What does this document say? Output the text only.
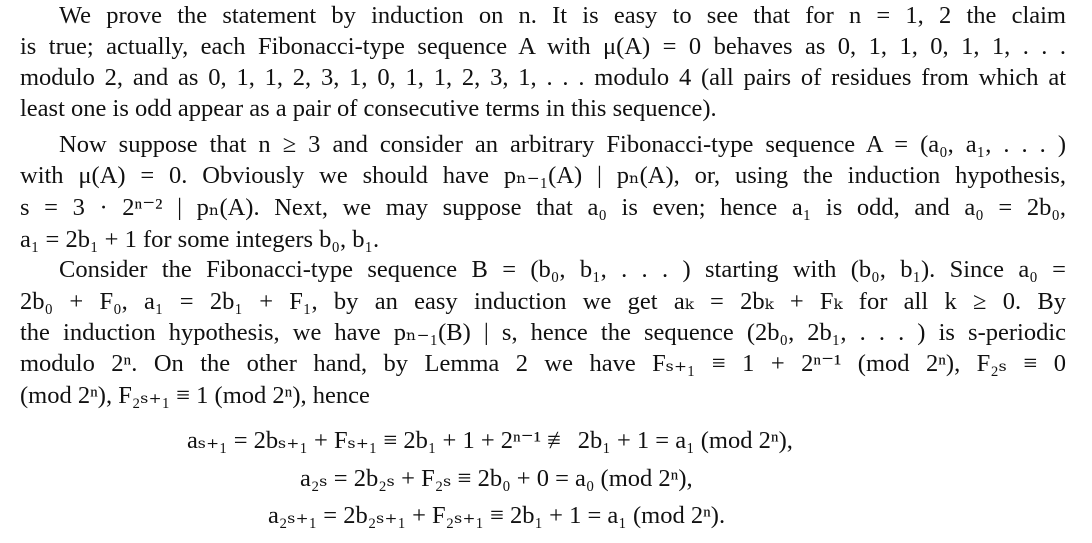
We prove the statement by induction on n. It is easy to see that for n = 1, 2 the claim
is true; actually, each Fibonacci-type sequence A with μ(A) = 0 behaves as 0, 1, 1, 0, 1, 1, . . .
modulo 2, and as 0, 1, 1, 2, 3, 1, 0, 1, 1, 2, 3, 1, . . . modulo 4 (all pairs of residues from which at
least one is odd appear as a pair of consecutive terms in this sequence).
Now suppose that n ≥ 3 and consider an arbitrary Fibonacci-type sequence A = (a₀, a₁, . . . )
with μ(A) = 0. Obviously we should have pₙ₋₁(A) | pₙ(A), or, using the induction hypothesis,
s = 3 · 2ⁿ⁻² | pₙ(A). Next, we may suppose that a₀ is even; hence a₁ is odd, and a₀ = 2b₀,
a₁ = 2b₁ + 1 for some integers b₀, b₁.
Consider the Fibonacci-type sequence B = (b₀, b₁, . . . ) starting with (b₀, b₁). Since a₀ =
2b₀ + F₀, a₁ = 2b₁ + F₁, by an easy induction we get aₖ = 2bₖ + Fₖ for all k ≥ 0. By
the induction hypothesis, we have pₙ₋₁(B) | s, hence the sequence (2b₀, 2b₁, . . . ) is s-periodic
modulo 2ⁿ. On the other hand, by Lemma 2 we have Fₛ₊₁ ≡ 1 + 2ⁿ⁻¹ (mod 2ⁿ), F₂ₛ ≡ 0
(mod 2ⁿ), F₂ₛ₊₁ ≡ 1 (mod 2ⁿ), hence
aₛ₊₁ = 2bₛ₊₁ + Fₛ₊₁ ≡ 2b₁ + 1 + 2ⁿ⁻¹ ≢ 2b₁ + 1 = a₁ (mod 2ⁿ),
a₂ₛ = 2b₂ₛ + F₂ₛ ≡ 2b₀ + 0 = a₀ (mod 2ⁿ),
a₂ₛ₊₁ = 2b₂ₛ₊₁ + F₂ₛ₊₁ ≡ 2b₁ + 1 = a₁ (mod 2ⁿ).
